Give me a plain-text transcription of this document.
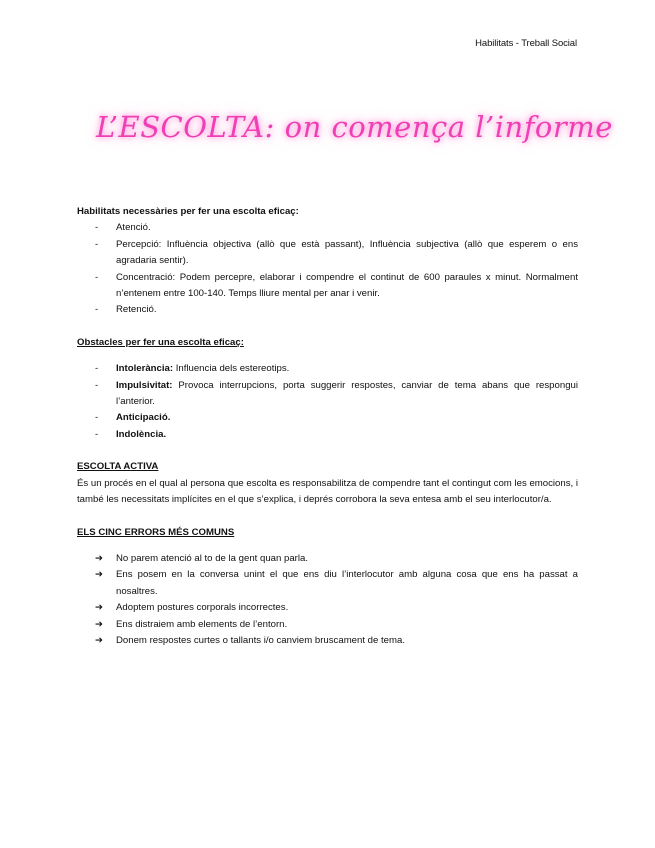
Habilitats - Treball Social
L’ESCOLTA: on comença l’informe

Habilitats necessàries per fer una escolta eficaç:

- Atenció.
- Percepció: Influència objectiva (allò que està passant), Influència subjectiva (allò que esperem o ens agradaria sentir).
- Concentració: Podem percepre, elaborar i compendre el continut de 600 paraules x minut. Normalment n’entenem entre 100-140. Temps lliure mental per anar i venir.
- Retenció.

Obstacles per fer una escolta eficaç:

- Intolerància: Influencia dels estereotips.
- Impulsivitat: Provoca interrupcions, porta suggerir respostes, canviar de tema abans que respongui l’anterior.
- Anticipació.
- Indolència.

ESCOLTA ACTIVA

És un procés en el qual al persona que escolta es responsabilitza de compendre tant el contingut com les emocions, i també les necessitats implícites en el que s’explica, i deprés corrobora la seva entesa amb el seu interlocutor/a.

ELS CINC ERRORS MÉS COMUNS

➔ No parem atenció al to de la gent quan parla.
➔ Ens posem en la conversa unint el que ens diu l’interlocutor amb alguna cosa que ens ha passat a nosaltres.
➔ Adoptem postures corporals incorrectes.
➔ Ens distraiem amb elements de l’entorn.
➔ Donem respostes curtes o tallants i/o canviem bruscament de tema.
